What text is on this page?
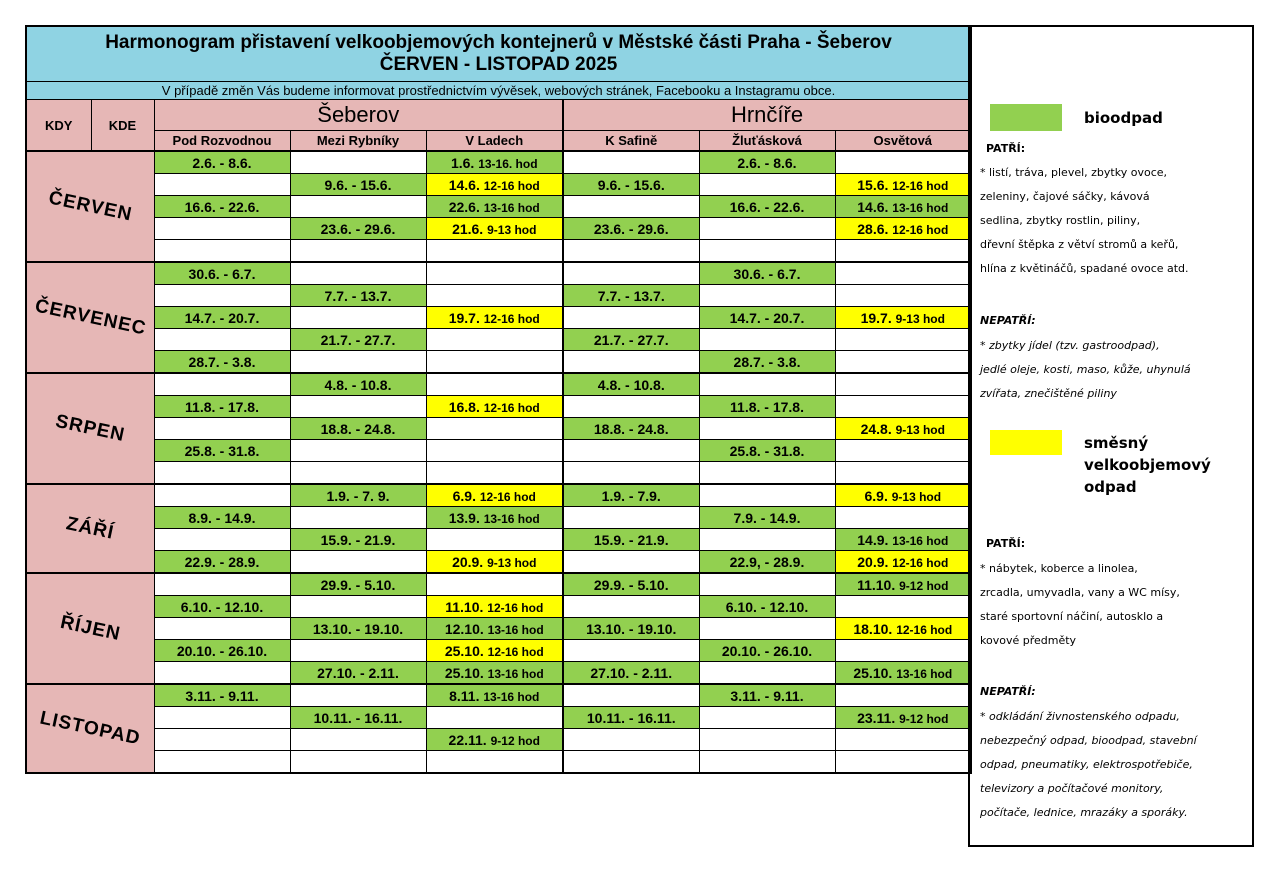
Harmonogram přistavení velkoobjemových kontejnerů v Městské části Praha - Šeberov
ČERVEN - LISTOPAD 2025							

V případě změn Vás budeme informovat prostřednictvím vývěsek, webových stránek, Facebooku a Instagramu obce.							
KDY	KDE	Šeberov			Hrnčíře		
		Pod Rozvodnou	Mezi Rybníky	V Ladech	K Safině	Žluťásková	Osvětová
ČERVEN		2.6. - 8.6.		1.6. 13-16. hod		2.6. - 8.6.	
			9.6. - 15.6.	14.6. 12-16 hod	9.6. - 15.6.		15.6. 12-16 hod
		16.6. - 22.6.		22.6. 13-16 hod		16.6. - 22.6.	14.6. 13-16 hod
			23.6. - 29.6.	21.6. 9-13 hod	23.6. - 29.6.		28.6. 12-16 hod

ČERVENEC		30.6. - 6.7.				30.6. - 6.7.	
			7.7. - 13.7.		7.7. - 13.7.		
		14.7. - 20.7.		19.7. 12-16 hod		14.7. - 20.7.	19.7. 9-13 hod
			21.7. - 27.7.		21.7. - 27.7.		
		28.7. - 3.8.				28.7. - 3.8.	
SRPEN			4.8. - 10.8.		4.8. - 10.8.		
		11.8. - 17.8.		16.8. 12-16 hod		11.8. - 17.8.	
			18.8. - 24.8.		18.8. - 24.8.		24.8. 9-13 hod
		25.8. - 31.8.				25.8. - 31.8.	

ZÁŘÍ			1.9. - 7. 9.	6.9. 12-16 hod	1.9. - 7.9.		6.9. 9-13 hod
		8.9. - 14.9.		13.9. 13-16 hod		7.9. - 14.9.	
			15.9. - 21.9.		15.9. - 21.9.		14.9. 13-16 hod
		22.9. - 28.9.		20.9. 9-13 hod		22.9, - 28.9.	20.9. 12-16 hod
ŘÍJEN			29.9. - 5.10.		29.9. - 5.10.		11.10. 9-12 hod
		6.10. - 12.10.		11.10. 12-16 hod		6.10. - 12.10.	
			13.10. - 19.10.	12.10. 13-16 hod	13.10. - 19.10.		18.10. 12-16 hod
		20.10. - 26.10.		25.10. 12-16 hod		20.10. - 26.10.	
			27.10. - 2.11.	25.10. 13-16 hod	27.10. - 2.11.		25.10. 13-16 hod
LISTOPAD		3.11. - 9.11.		8.11. 13-16 hod		3.11. - 9.11.	
			10.11. - 16.11.		10.11. - 16.11.		23.11. 9-12 hod
				22.11. 9-12 hod			

bioodpad
PATŘÍ:
* listí, tráva, plevel, zbytky ovoce,
zeleniny, čajové sáčky, kávová
sedlina, zbytky rostlin, piliny,
dřevní štěpka z větví stromů a keřů,
hlína z květináčů, spadané ovoce atd.
NEPATŘÍ:
* zbytky jídel (tzv. gastroodpad),
jedlé oleje, kosti, maso, kůže, uhynulá
zvířata, znečištěné piliny
směsný
velkoobjemový
odpad
PATŘÍ:
* nábytek, koberce a linolea,
zrcadla, umyvadla, vany a WC mísy,
staré sportovní náčiní, autosklo a
kovové předměty
NEPATŘÍ:
* odkládání živnostenského odpadu,
nebezpečný odpad, bioodpad, stavební
odpad, pneumatiky, elektrospotřebiče,
televizory a počítačové monitory,
počítače, lednice, mrazáky a sporáky.
